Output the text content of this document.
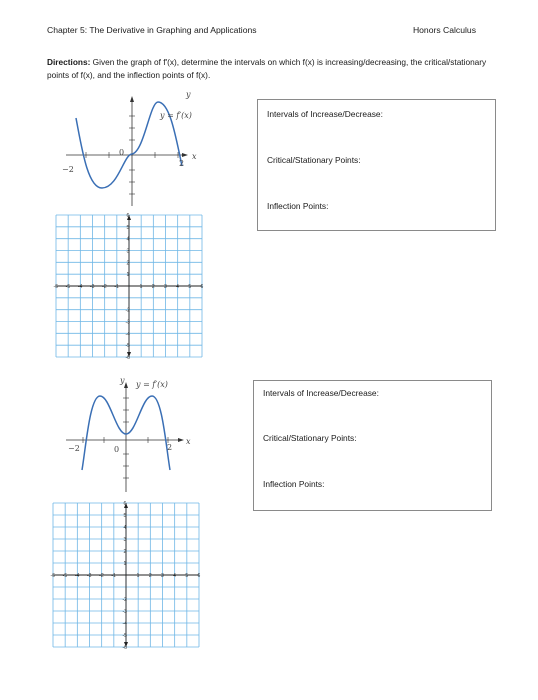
Chapter 5: The Derivative in Graphing and Applications	Honors Calculus
Directions: Given the graph of f'(x), determine the intervals on which f(x) is increasing/decreasing, the critical/stationary points of f(x), and the inflection points of f(x).
y
y = f′(x)
x
−2
0
2
Intervals of Increase/Decrease:
Critical/Stationary Points:
Inflection Points:
-6 -5 -4 -3 -2 -1	1 2 3 4 5 6
6
5
4
3
2
1
-2
-3
-4
-5
-6
y y = f′(x)
x
−2	0	2
Intervals of Increase/Decrease:
Critical/Stationary Points:
Inflection Points:
-6 -5 -4 -3 -2 -1	1 2 3 4 5 6
6
5
4
3
2
1
-2
-3
-4
-5
-6
